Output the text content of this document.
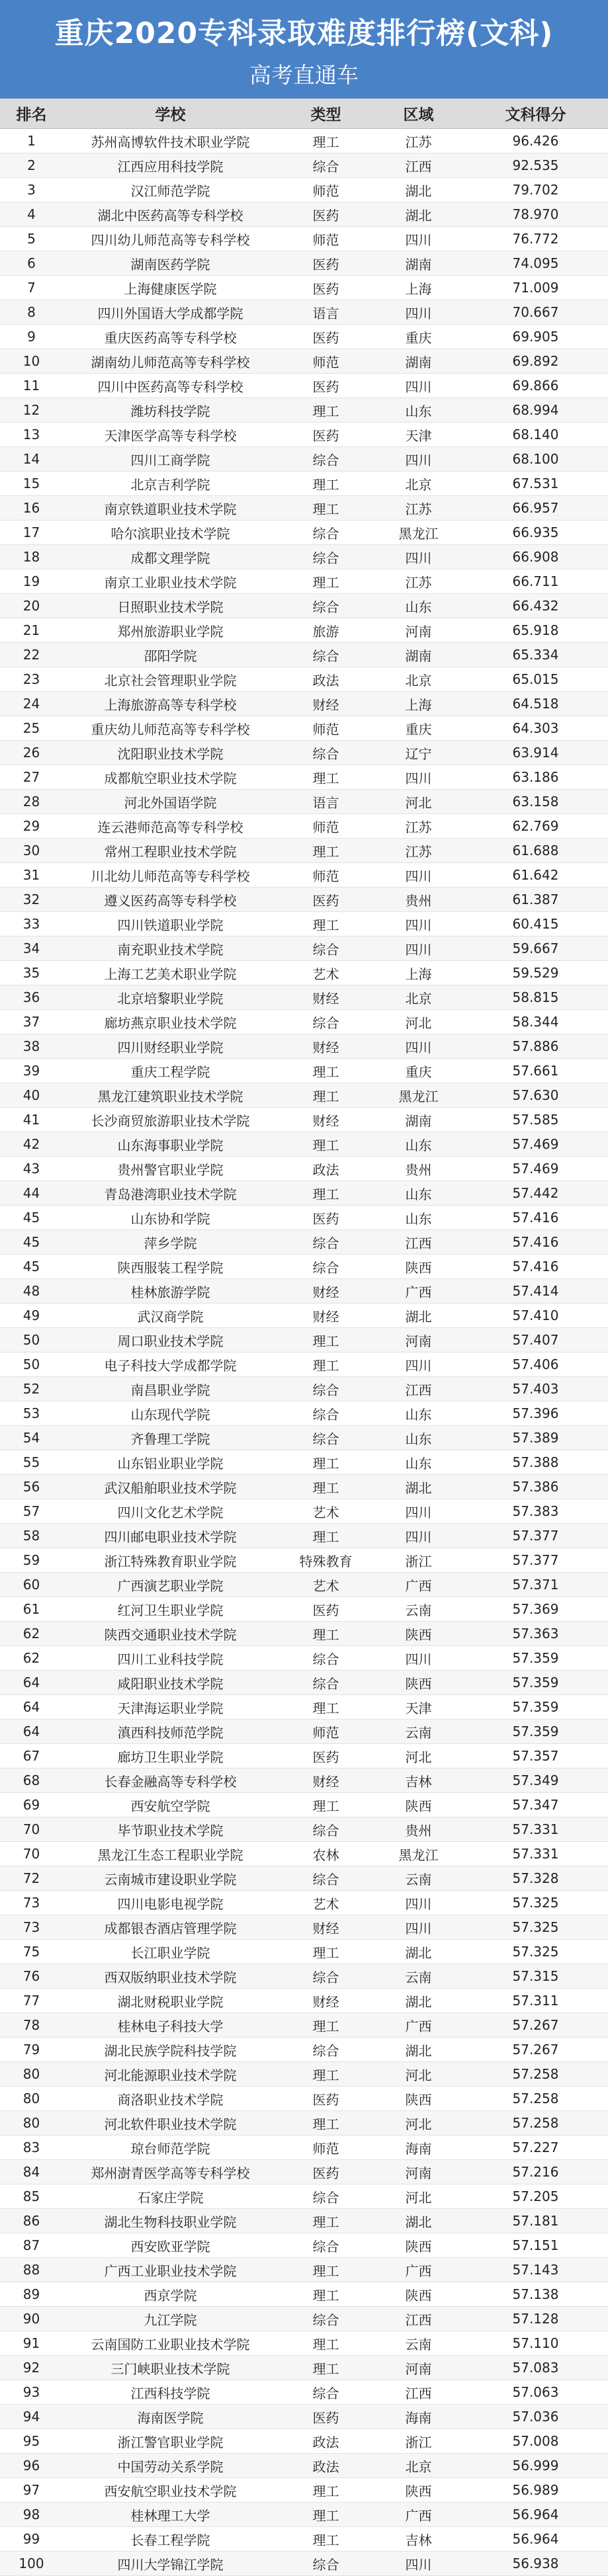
重庆2020专科录取难度排行榜(文科)
高考直通车
排名	学校	类型	区域	文科得分
1	苏州高博软件技术职业学院	理工	江苏	96.426
2	江西应用科技学院	综合	江西	92.535
3	汉江师范学院	师范	湖北	79.702
4	湖北中医药高等专科学校	医药	湖北	78.970
5	四川幼儿师范高等专科学校	师范	四川	76.772
6	湖南医药学院	医药	湖南	74.095
7	上海健康医学院	医药	上海	71.009
8	四川外国语大学成都学院	语言	四川	70.667
9	重庆医药高等专科学校	医药	重庆	69.905
10	湖南幼儿师范高等专科学校	师范	湖南	69.892
11	四川中医药高等专科学校	医药	四川	69.866
12	潍坊科技学院	理工	山东	68.994
13	天津医学高等专科学校	医药	天津	68.140
14	四川工商学院	综合	四川	68.100
15	北京吉利学院	理工	北京	67.531
16	南京铁道职业技术学院	理工	江苏	66.957
17	哈尔滨职业技术学院	综合	黑龙江	66.935
18	成都文理学院	综合	四川	66.908
19	南京工业职业技术学院	理工	江苏	66.711
20	日照职业技术学院	综合	山东	66.432
21	郑州旅游职业学院	旅游	河南	65.918
22	邵阳学院	综合	湖南	65.334
23	北京社会管理职业学院	政法	北京	65.015
24	上海旅游高等专科学校	财经	上海	64.518
25	重庆幼儿师范高等专科学校	师范	重庆	64.303
26	沈阳职业技术学院	综合	辽宁	63.914
27	成都航空职业技术学院	理工	四川	63.186
28	河北外国语学院	语言	河北	63.158
29	连云港师范高等专科学校	师范	江苏	62.769
30	常州工程职业技术学院	理工	江苏	61.688
31	川北幼儿师范高等专科学校	师范	四川	61.642
32	遵义医药高等专科学校	医药	贵州	61.387
33	四川铁道职业学院	理工	四川	60.415
34	南充职业技术学院	综合	四川	59.667
35	上海工艺美术职业学院	艺术	上海	59.529
36	北京培黎职业学院	财经	北京	58.815
37	廊坊燕京职业技术学院	综合	河北	58.344
38	四川财经职业学院	财经	四川	57.886
39	重庆工程学院	理工	重庆	57.661
40	黑龙江建筑职业技术学院	理工	黑龙江	57.630
41	长沙商贸旅游职业技术学院	财经	湖南	57.585
42	山东海事职业学院	理工	山东	57.469
43	贵州警官职业学院	政法	贵州	57.469
44	青岛港湾职业技术学院	理工	山东	57.442
45	山东协和学院	医药	山东	57.416
45	萍乡学院	综合	江西	57.416
45	陕西服装工程学院	综合	陕西	57.416
48	桂林旅游学院	财经	广西	57.414
49	武汉商学院	财经	湖北	57.410
50	周口职业技术学院	理工	河南	57.407
50	电子科技大学成都学院	理工	四川	57.406
52	南昌职业学院	综合	江西	57.403
53	山东现代学院	综合	山东	57.396
54	齐鲁理工学院	综合	山东	57.389
55	山东铝业职业学院	理工	山东	57.388
56	武汉船舶职业技术学院	理工	湖北	57.386
57	四川文化艺术学院	艺术	四川	57.383
58	四川邮电职业技术学院	理工	四川	57.377
59	浙江特殊教育职业学院	特殊教育	浙江	57.377
60	广西演艺职业学院	艺术	广西	57.371
61	红河卫生职业学院	医药	云南	57.369
62	陕西交通职业技术学院	理工	陕西	57.363
62	四川工业科技学院	综合	四川	57.359
64	咸阳职业技术学院	综合	陕西	57.359
64	天津海运职业学院	理工	天津	57.359
64	滇西科技师范学院	师范	云南	57.359
67	廊坊卫生职业学院	医药	河北	57.357
68	长春金融高等专科学校	财经	吉林	57.349
69	西安航空学院	理工	陕西	57.347
70	毕节职业技术学院	综合	贵州	57.331
70	黑龙江生态工程职业学院	农林	黑龙江	57.331
72	云南城市建设职业学院	综合	云南	57.328
73	四川电影电视学院	艺术	四川	57.325
73	成都银杏酒店管理学院	财经	四川	57.325
75	长江职业学院	理工	湖北	57.325
76	西双版纳职业技术学院	综合	云南	57.315
77	湖北财税职业学院	财经	湖北	57.311
78	桂林电子科技大学	理工	广西	57.267
79	湖北民族学院科技学院	综合	湖北	57.267
80	河北能源职业技术学院	理工	河北	57.258
80	商洛职业技术学院	医药	陕西	57.258
80	河北软件职业技术学院	理工	河北	57.258
83	琼台师范学院	师范	海南	57.227
84	郑州澍青医学高等专科学校	医药	河南	57.216
85	石家庄学院	综合	河北	57.205
86	湖北生物科技职业学院	理工	湖北	57.181
87	西安欧亚学院	综合	陕西	57.151
88	广西工业职业技术学院	理工	广西	57.143
89	西京学院	理工	陕西	57.138
90	九江学院	综合	江西	57.128
91	云南国防工业职业技术学院	理工	云南	57.110
92	三门峡职业技术学院	理工	河南	57.083
93	江西科技学院	综合	江西	57.063
94	海南医学院	医药	海南	57.036
95	浙江警官职业学院	政法	浙江	57.008
96	中国劳动关系学院	政法	北京	56.999
97	西安航空职业技术学院	理工	陕西	56.989
98	桂林理工大学	理工	广西	56.964
99	长春工程学院	理工	吉林	56.964
100	四川大学锦江学院	综合	四川	56.938
